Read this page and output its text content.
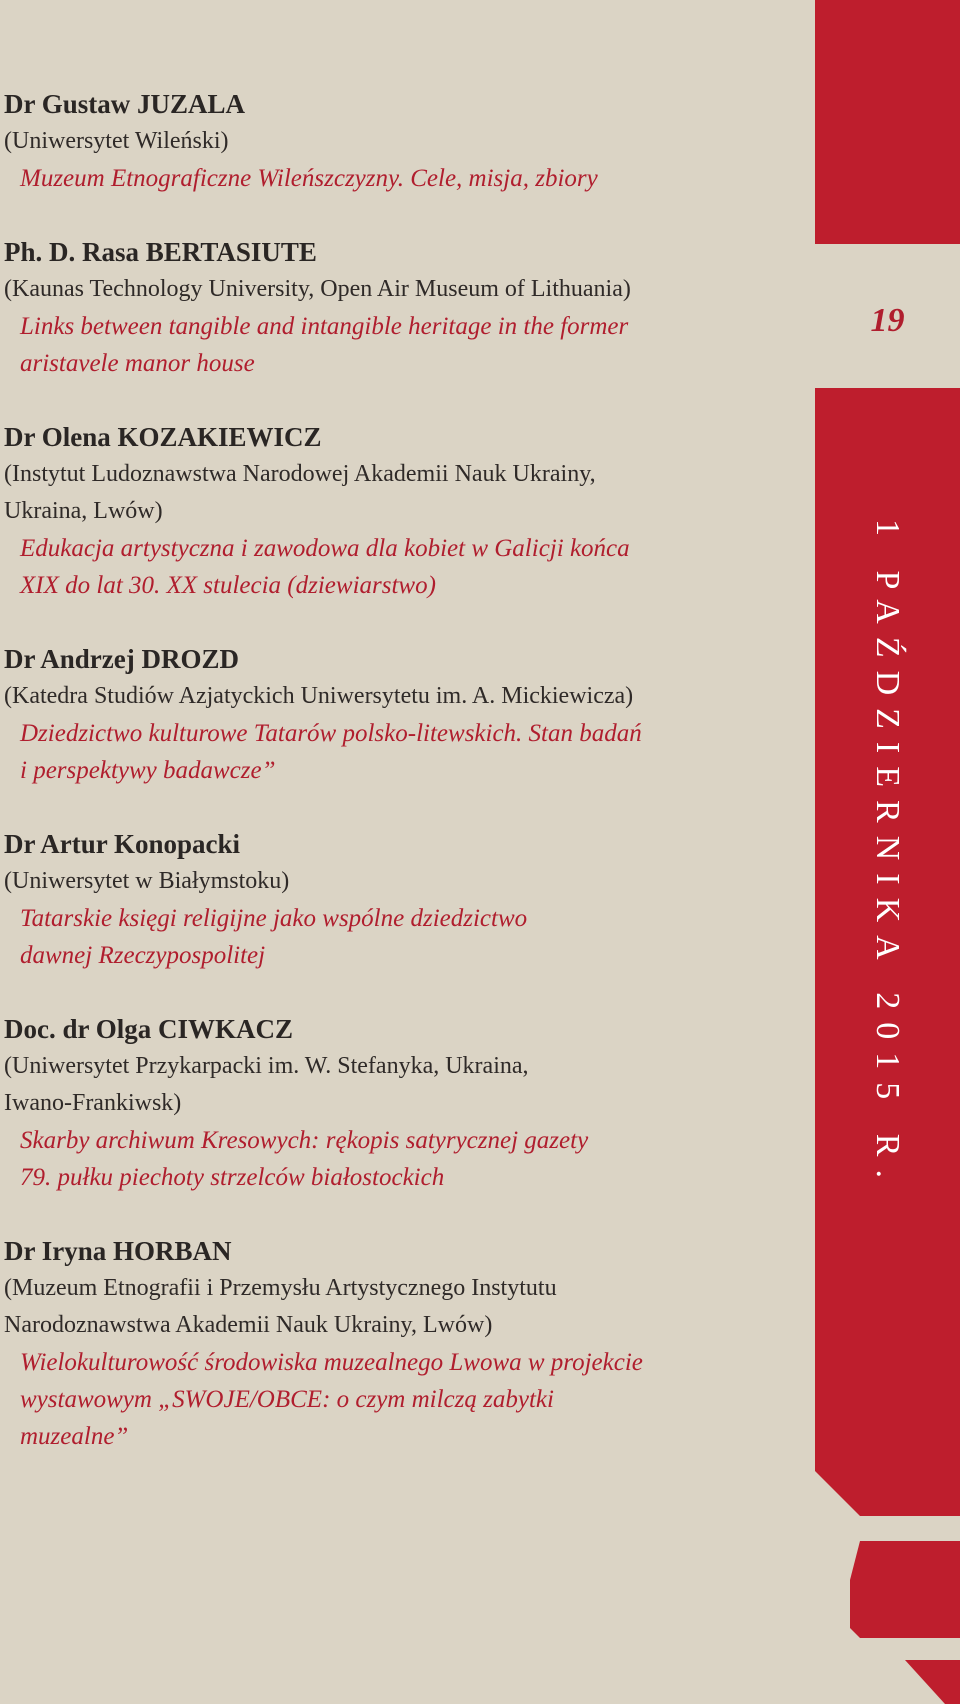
Dr Gustaw JUZALA
(Uniwersytet Wileński)
Muzeum Etnograficzne Wileńszczyzny. Cele, misja, zbiory
Ph. D. Rasa BERTASIUTE
(Kaunas Technology University, Open Air Museum of Lithuania)
Links between tangible and intangible heritage in the former
aristavele manor house
Dr Olena KOZAKIEWICZ
(Instytut Ludoznawstwa Narodowej Akademii Nauk Ukrainy,
Ukraina, Lwów)
Edukacja artystyczna i zawodowa dla kobiet w Galicji końca
XIX do lat 30. XX stulecia (dziewiarstwo)
Dr Andrzej DROZD
(Katedra Studiów Azjatyckich Uniwersytetu im. A. Mickiewicza)
Dziedzictwo kulturowe Tatarów polsko-litewskich. Stan badań
i perspektywy badawcze”
Dr Artur Konopacki
(Uniwersytet w Białymstoku)
Tatarskie księgi religijne jako wspólne dziedzictwo
dawnej Rzeczypospolitej
Doc. dr Olga CIWKACZ
(Uniwersytet Przykarpacki im. W. Stefanyka, Ukraina,
Iwano-Frankiwsk)
Skarby archiwum Kresowych: rękopis satyrycznej gazety
79. pułku piechoty strzelców białostockich
Dr Iryna HORBAN
(Muzeum Etnografii i Przemysłu Artystycznego Instytutu
Narodoznawstwa Akademii Nauk Ukrainy, Lwów)
Wielokulturowość środowiska muzealnego Lwowa w projekcie
wystawowym „SWOJE/OBCE: o czym milczą zabytki
muzealne”
19
1 PAŹDZIERNIKA 2015 R.
